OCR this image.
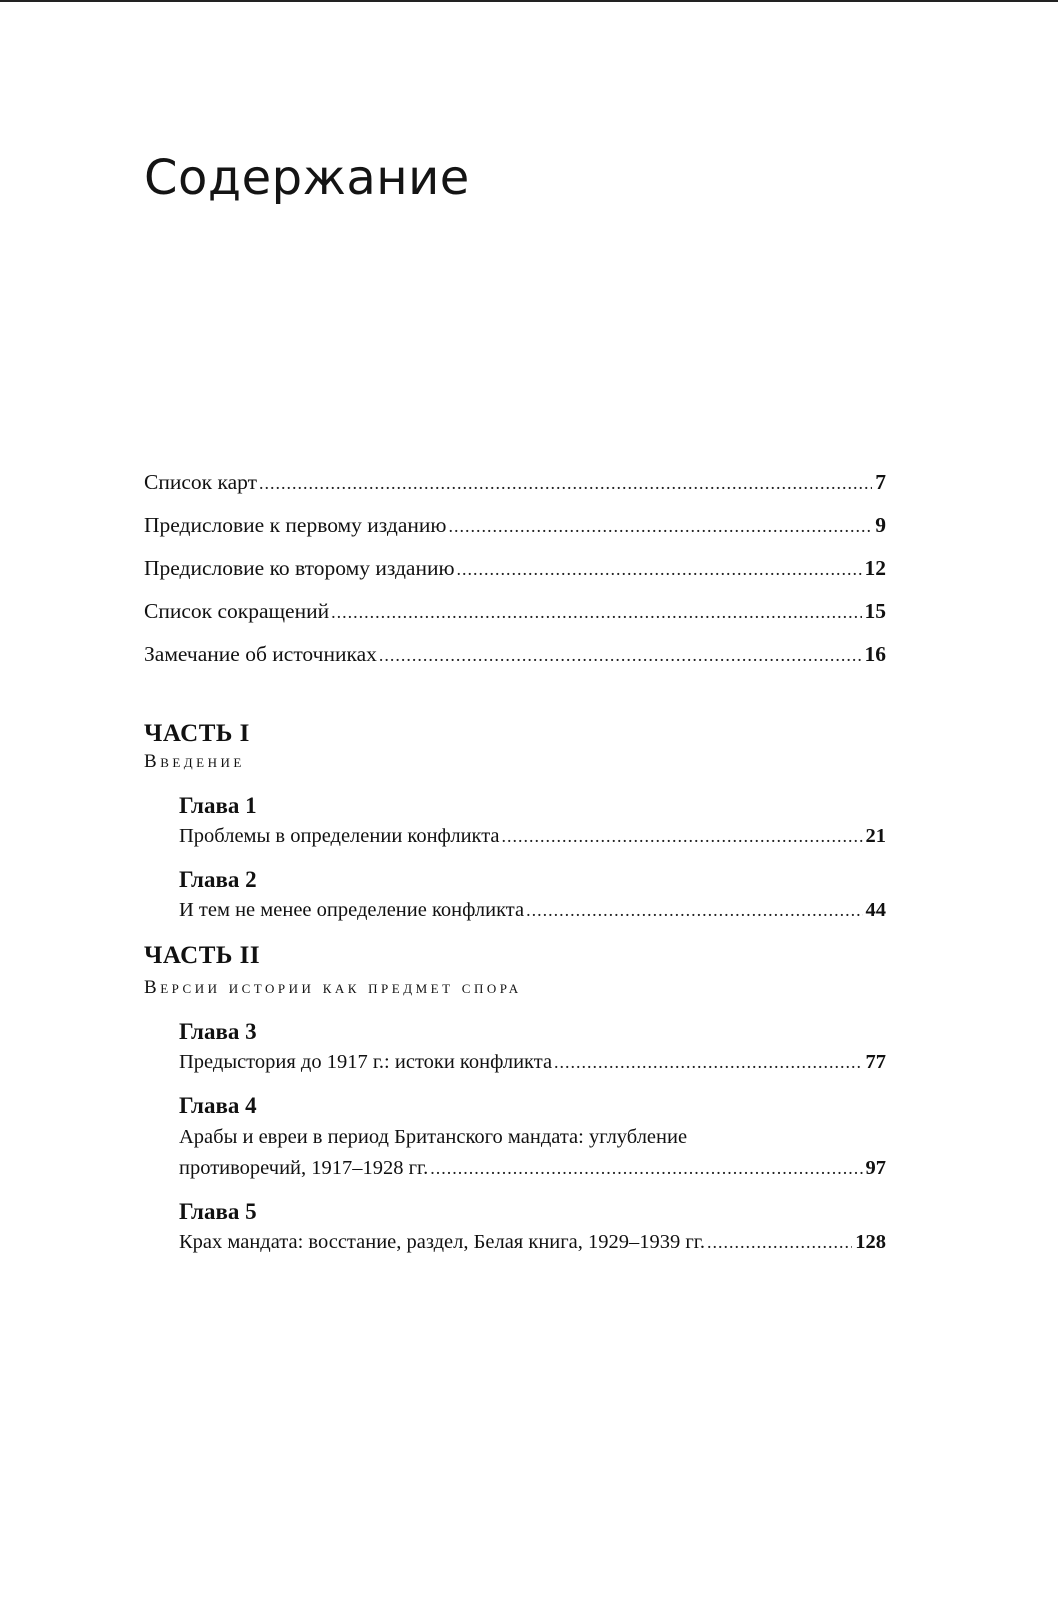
Содержание
Список карт .....	7
Предисловие к первому изданию .....	9
Предисловие ко второму изданию .....	12
Список сокращений .....	15
Замечание об источниках .....	16
ЧАСТЬ I
Введение
Глава 1
Проблемы в определении конфликта .....	21
Глава 2
И тем не менее определение конфликта .....	44
ЧАСТЬ II
Версии истории как предмет спора
Глава 3
Предыстория до 1917 г.: истоки конфликта .....	77
Глава 4
Арабы и евреи в период Британского мандата: углубление
противоречий, 1917–1928 гг. .....	97
Глава 5
Крах мандата: восстание, раздел, Белая книга, 1929–1939 гг. .....	128
